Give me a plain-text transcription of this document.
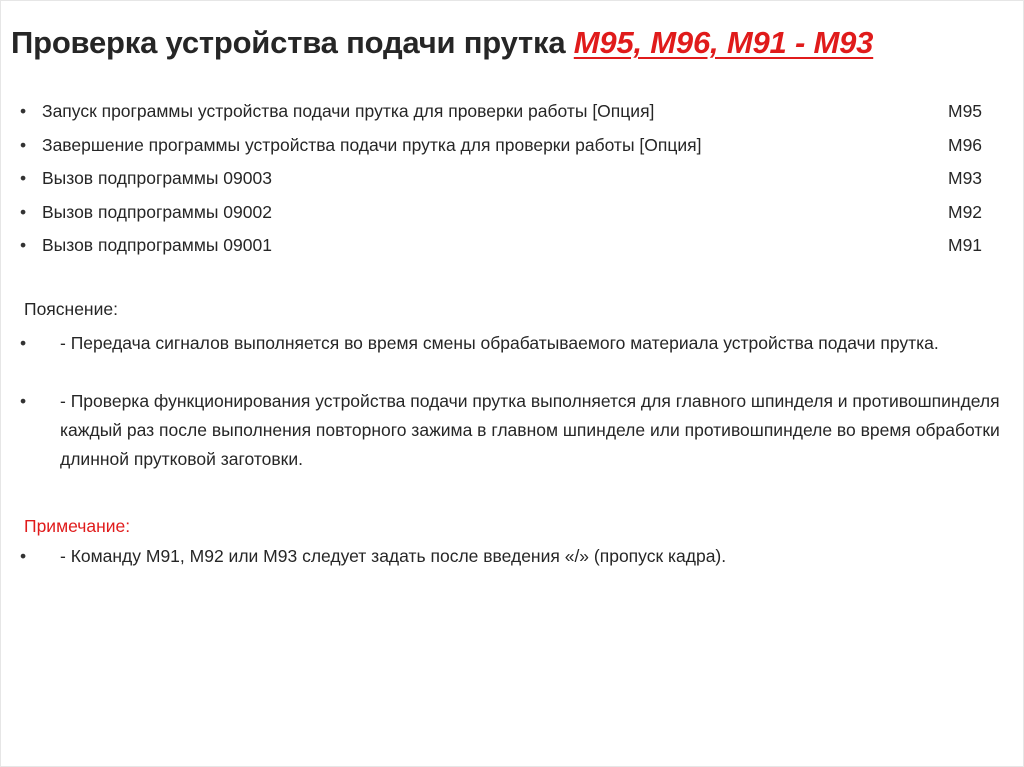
Проверка устройства подачи прутка M95, M96, M91 - M93
• Запуск программы устройства подачи прутка для проверки работы [Опция]	M95
• Завершение программы устройства подачи прутка для проверки работы [Опция]	M96
• Вызов подпрограммы 09003	M93
• Вызов подпрограммы 09002	M92
• Вызов подпрограммы 09001	M91
Пояснение:
•	- Передача сигналов выполняется во время смены обрабатываемого материала устройства подачи прутка.
•	- Проверка функционирования устройства подачи прутка выполняется для главного шпинделя и противошпинделя каждый раз после выполнения повторного зажима в главном шпинделе или противошпинделе во время обработки длинной прутковой заготовки.
Примечание:
•	- Команду M91, M92 или M93 следует задать после введения «/» (пропуск кадра).
